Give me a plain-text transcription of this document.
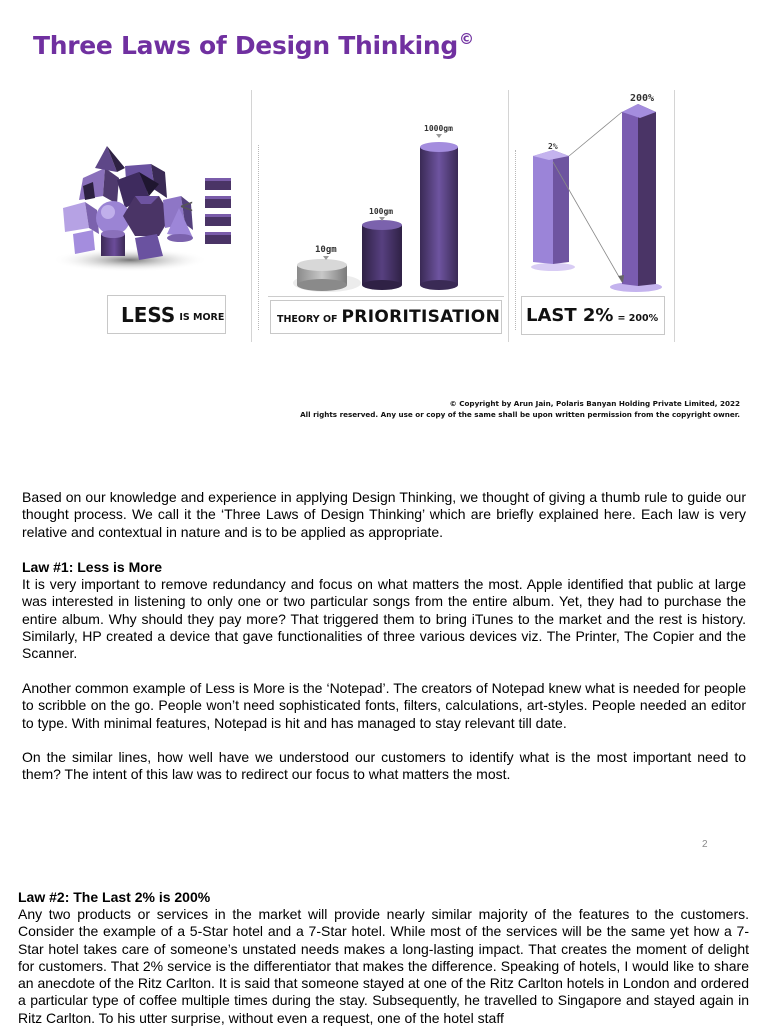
Three Laws of Design Thinking©
<
LESS IS MORE
10gm
100gm
1000gm
THEORY OF PRIORITISATION
2%
200%
LAST 2% = 200%
© Copyright by Arun Jain, Polaris Banyan Holding Private Limited, 2022
All rights reserved. Any use or copy of the same shall be upon written permission from the copyright owner.

Based on our knowledge and experience in applying Design Thinking, we thought of giving a thumb rule to guide our thought process. We call it the ‘Three Laws of Design Thinking’ which are briefly explained here. Each law is very relative and contextual in nature and is to be applied as appropriate.

Law #1: Less is More

It is very important to remove redundancy and focus on what matters the most. Apple identified that public at large was interested in listening to only one or two particular songs from the entire album. Yet, they had to purchase the entire album. Why should they pay more? That triggered them to bring iTunes to the market and the rest is history. Similarly, HP created a device that gave functionalities of three various devices viz. The Printer, The Copier and the Scanner.

Another common example of Less is More is the ‘Notepad’. The creators of Notepad knew what is needed for people to scribble on the go. People won’t need sophisticated fonts, filters, calculations, art-styles. People needed an editor to type. With minimal features, Notepad is hit and has managed to stay relevant till date.

On the similar lines, how well have we understood our customers to identify what is the most important need to them? The intent of this law was to redirect our focus to what matters the most.

2

Law #2: The Last 2% is 200%

Any two products or services in the market will provide nearly similar majority of the features to the customers. Consider the example of a 5-Star hotel and a 7-Star hotel. While most of the services will be the same yet how a 7-Star hotel takes care of someone’s unstated needs makes a long-lasting impact. That creates the moment of delight for customers. That 2% service is the differentiator that makes the difference. Speaking of hotels, I would like to share an anecdote of the Ritz Carlton. It is said that someone stayed at one of the Ritz Carlton hotels in London and ordered a particular type of coffee multiple times during the stay. Subsequently, he travelled to Singapore and stayed again in Ritz Carlton. To his utter surprise, without even a request, one of the hotel staff
